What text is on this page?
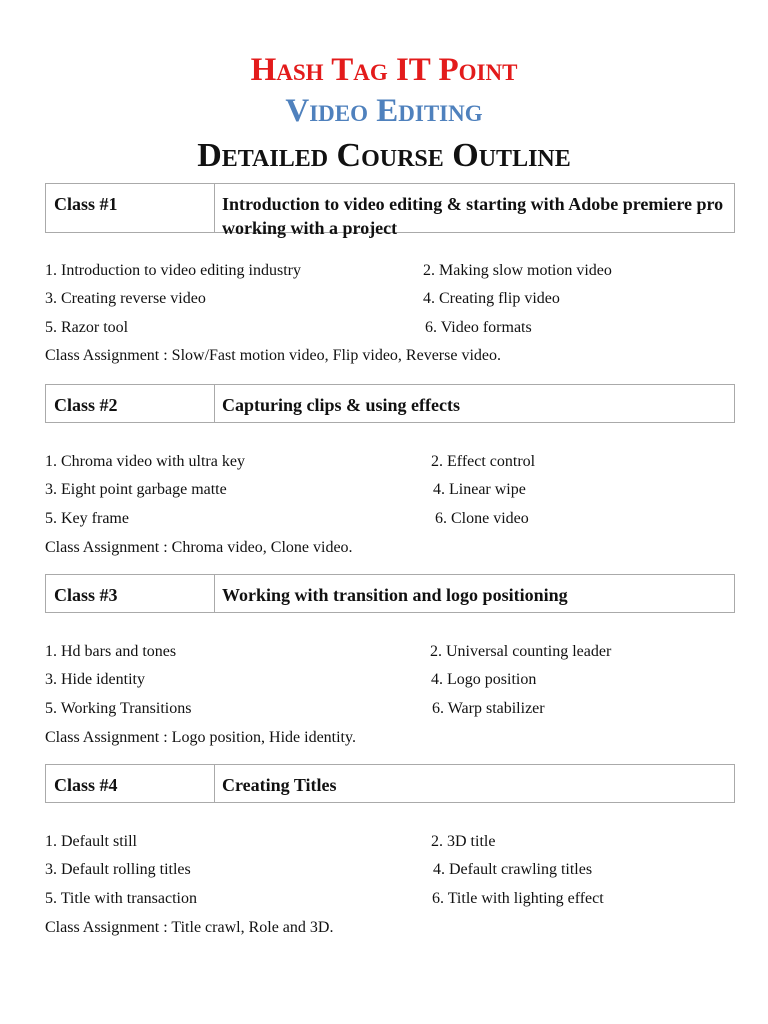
Hash Tag IT Point
Video Editing
Detailed Course Outline
Class #1	Introduction to video editing & starting with Adobe premiere pro working with a project
1. Introduction to video editing industry	2. Making slow motion video
3. Creating reverse video	4. Creating flip video
5. Razor tool	6. Video formats
Class Assignment : Slow/Fast motion video, Flip video, Reverse video.
Class #2	Capturing clips & using effects
1. Chroma video with ultra key	2. Effect control
3. Eight point garbage matte	4. Linear wipe
5. Key frame	6. Clone video
Class Assignment : Chroma video, Clone video.
Class #3	Working with transition and logo positioning
1. Hd bars and tones	2. Universal counting leader
3. Hide identity	4. Logo position
5. Working Transitions	6. Warp stabilizer
Class Assignment : Logo position, Hide identity.
Class #4	Creating Titles
1. Default still	2. 3D title
3. Default rolling titles	4. Default crawling titles
5. Title with transaction	6. Title with lighting effect
Class Assignment : Title crawl, Role and 3D.
